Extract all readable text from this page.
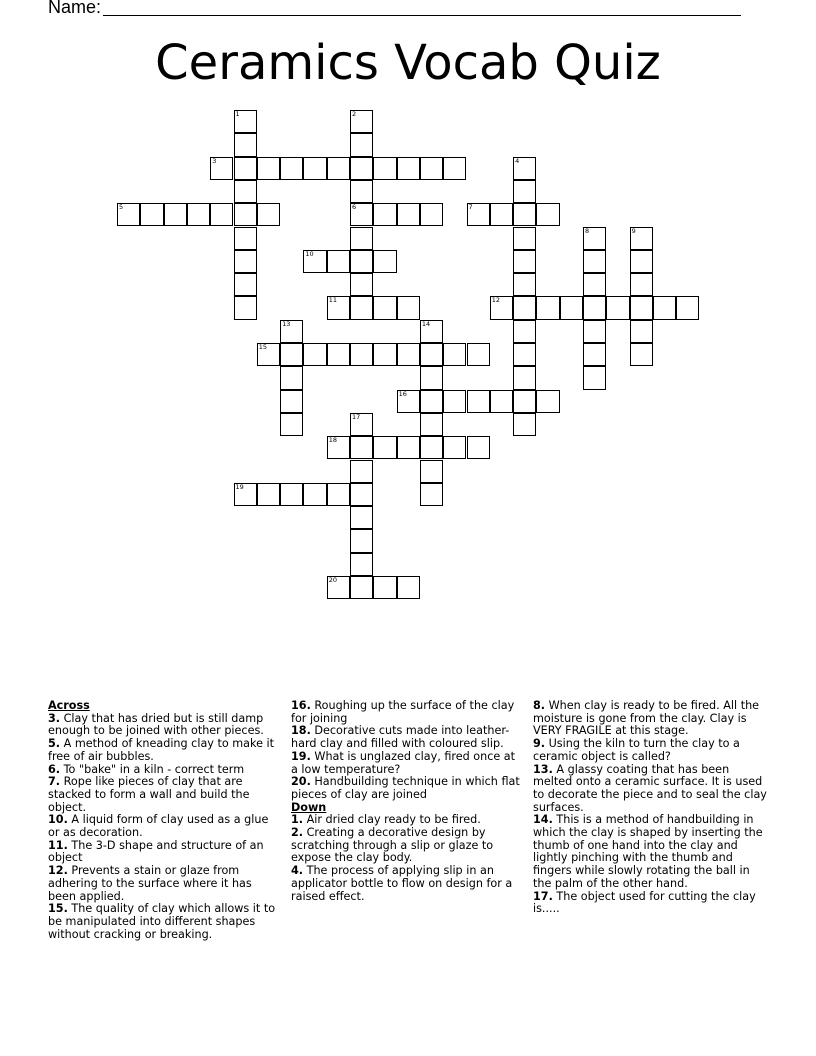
Name:
Ceramics Vocab Quiz
1	2
3	4
5	6	7
8	9
10
11	12
13	14
15
16
17
18
19
20

Across

3. Clay that has dried but is still damp enough to be joined with other pieces.

5. A method of kneading clay to make it free of air bubbles.

6. To "bake" in a kiln - correct term

7. Rope like pieces of clay that are stacked to form a wall and build the object.

10. A liquid form of clay used as a glue or as decoration.

11. The 3-D shape and structure of an object

12. Prevents a stain or glaze from adhering to the surface where it has been applied.

15. The quality of clay which allows it to be manipulated into different shapes without cracking or breaking.

16. Roughing up the surface of the clay for joining

18. Decorative cuts made into leather-hard clay and filled with coloured slip.

19. What is unglazed clay, fired once at a low temperature?

20. Handbuilding technique in which flat pieces of clay are joined

Down

1. Air dried clay ready to be fired.

2. Creating a decorative design by scratching through a slip or glaze to expose the clay body.

4. The process of applying slip in an applicator bottle to flow on design for a raised effect.

8. When clay is ready to be fired. All the moisture is gone from the clay. Clay is VERY FRAGILE at this stage.

9. Using the kiln to turn the clay to a ceramic object is called?

13. A glassy coating that has been melted onto a ceramic surface. It is used to decorate the piece and to seal the clay surfaces.

14. This is a method of handbuilding in which the clay is shaped by inserting the thumb of one hand into the clay and lightly pinching with the thumb and fingers while slowly rotating the ball in the palm of the other hand.

17. The object used for cutting the clay is.....
